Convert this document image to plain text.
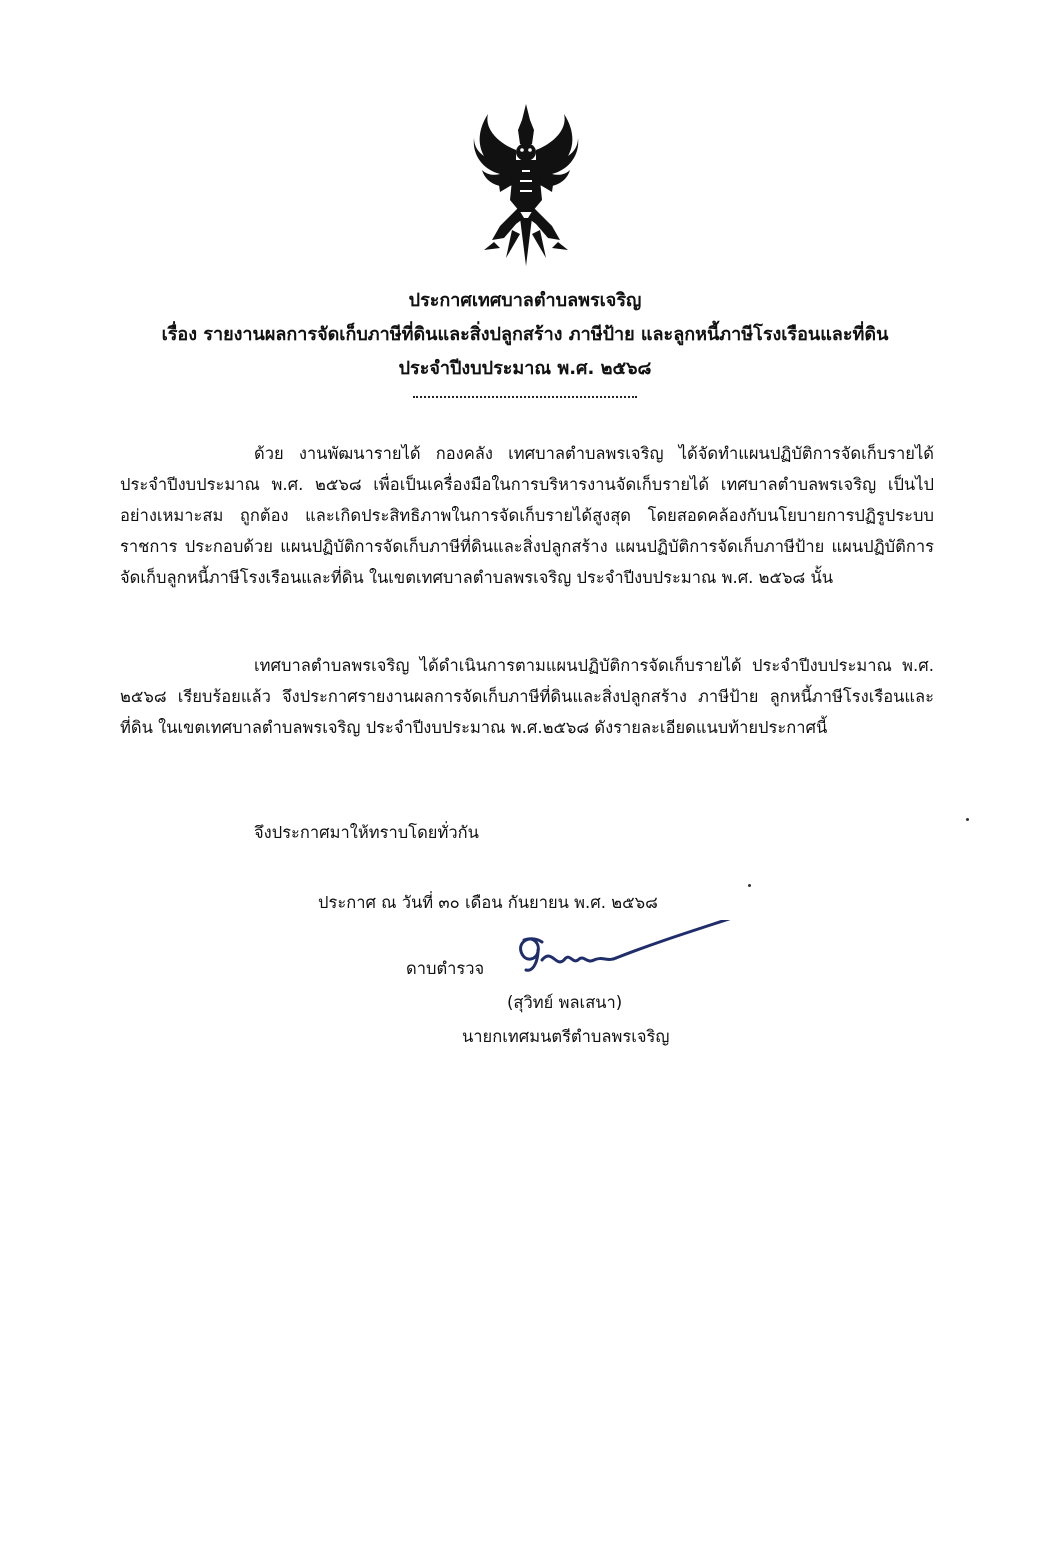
ประกาศเทศบาลตำบลพรเจริญ
เรื่อง รายงานผลการจัดเก็บภาษีที่ดินและสิ่งปลูกสร้าง ภาษีป้าย และลูกหนี้ภาษีโรงเรือนและที่ดิน
ประจำปีงบประมาณ พ.ศ. ๒๕๖๘

ด้วย งานพัฒนารายได้ กองคลัง เทศบาลตำบลพรเจริญ ได้จัดทำแผนปฏิบัติการจัดเก็บรายได้ ประจำปีงบประมาณ พ.ศ. ๒๕๖๘ เพื่อเป็นเครื่องมือในการบริหารงานจัดเก็บรายได้ เทศบาลตำบลพรเจริญ เป็นไปอย่างเหมาะสม ถูกต้อง และเกิดประสิทธิภาพในการจัดเก็บรายได้สูงสุด โดยสอดคล้องกับนโยบายการปฏิรูประบบราชการ ประกอบด้วย แผนปฏิบัติการจัดเก็บภาษีที่ดินและสิ่งปลูกสร้าง แผนปฏิบัติการจัดเก็บภาษีป้าย แผนปฏิบัติการจัดเก็บลูกหนี้ภาษีโรงเรือนและที่ดิน ในเขตเทศบาลตำบลพรเจริญ ประจำปีงบประมาณ พ.ศ. ๒๕๖๘ นั้น

เทศบาลตำบลพรเจริญ ได้ดำเนินการตามแผนปฏิบัติการจัดเก็บรายได้ ประจำปีงบประมาณ พ.ศ. ๒๕๖๘ เรียบร้อยแล้ว จึงประกาศรายงานผลการจัดเก็บภาษีที่ดินและสิ่งปลูกสร้าง ภาษีป้าย ลูกหนี้ภาษีโรงเรือนและที่ดิน ในเขตเทศบาลตำบลพรเจริญ ประจำปีงบประมาณ พ.ศ.๒๕๖๘ ดังรายละเอียดแนบท้ายประกาศนี้

จึงประกาศมาให้ทราบโดยทั่วกัน
ประกาศ ณ วันที่ ๓๐ เดือน กันยายน พ.ศ. ๒๕๖๘
ดาบตำรวจ
(สุวิทย์ พลเสนา)
นายกเทศมนตรีตำบลพรเจริญ
